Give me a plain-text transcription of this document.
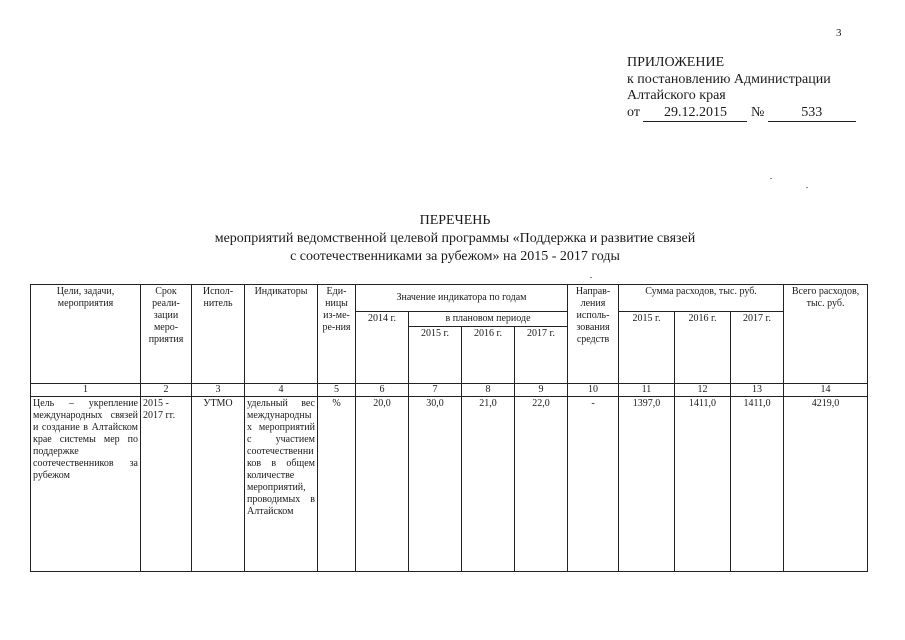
3
ПРИЛОЖЕНИЕ
к постановлению Администрации
Алтайского края
от 29.12.2015 №	533
ПЕРЕЧЕНЬ
мероприятий ведомственной целевой программы «Поддержка и развитие связей
с соотечественниками за рубежом» на 2015 - 2017 годы
Цели, задачи, мероприятия	Срок реали-зации меро-приятия	Испол-нитель	Индикаторы	Еди-ницы из-ме-ре-ния	Значение индикатора по годам				Направ-ления исполь-зования средств	Сумма расходов, тыс. руб.			Всего расходов, тыс. руб.
					2014 г.	в плановом периоде				2015 г.	2016 г.	2017 г.	
						2015 г.	2016 г.	2017 г.					
1	2	3	4	5	6	7	8	9	10	11	12	13	14
Цель – укрепление международных связей и создание в Алтайском крае системы мер по поддержке соотечественников за рубежом	2015 - 2017 гг.	УТМО	удельный вес международных мероприятий с участием соотечественников в общем количестве мероприятий, проводимых в Алтайском	%	20,0	30,0	21,0	22,0	-	1397,0	1411,0	1411,0	4219,0
